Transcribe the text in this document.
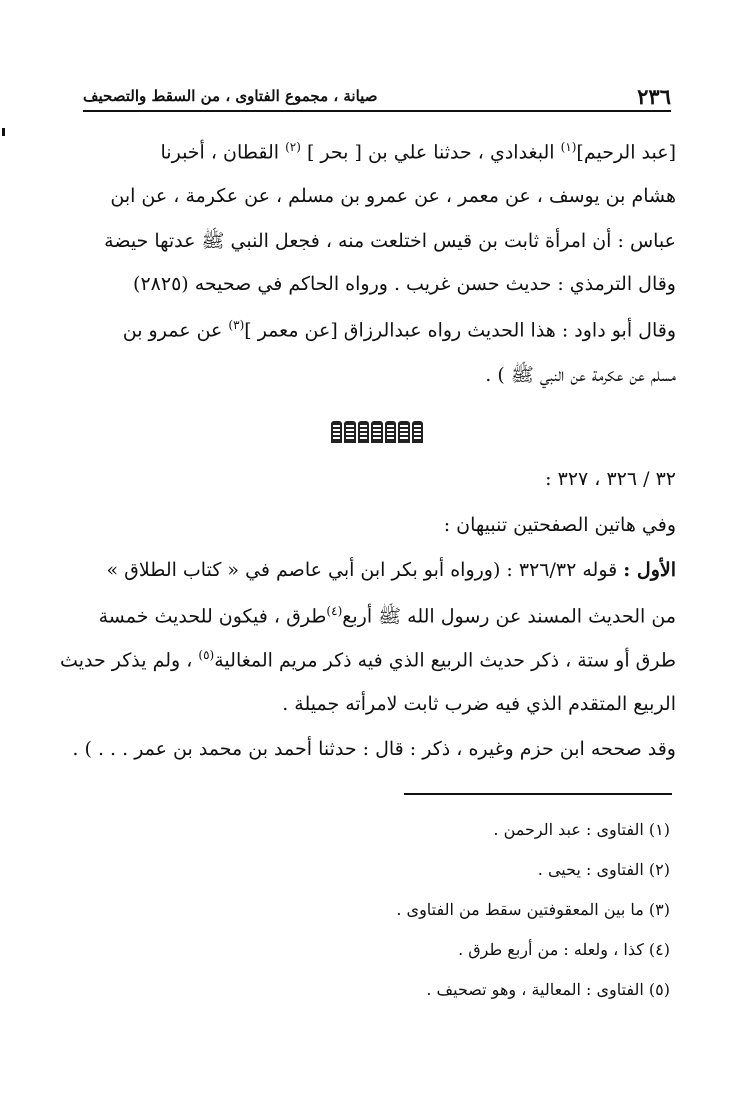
٢٣٦
صيانة ، مجموع الفتاوى ، من السقط والتصحيف
[عبد الرحيم]$^{(١)}$ البغدادي ، حدثنا علي بن [ بحر ] $^{(٢)}$ القطان ، أخبرنا
هشام بن يوسف ، عن معمر ، عن عمرو بن مسلم ، عن عكرمة ، عن ابن
عباس : أن امرأة ثابت بن قيس اختلعت منه ، فجعل النبي ﷺ عدتها حيضة
وقال الترمذي : حديث حسن غريب . ورواه الحاكم في صحيحه (٢٨٢٥)
وقال أبو داود : هذا الحديث رواه عبدالرزاق [عن معمر ]$^{(٣)}$ عن عمرو بن
مسلم عن عكرمة عن النبي ﷺ ) .
٣٢ / ٣٢٦ ، ٣٢٧ :
وفي هاتين الصفحتين تنبيهان :
الأول : قوله ٣٢٦/٣٢ : (ورواه أبو بكر ابن أبي عاصم في « كتاب الطلاق »
من الحديث المسند عن رسول الله ﷺ أربع$^{(٤)}$طرق ، فيكون للحديث خمسة
طرق أو ستة ، ذكر حديث الربيع الذي فيه ذكر مريم المغالية$^{(٥)}$ ، ولم يذكر حديث
الربيع المتقدم الذي فيه ضرب ثابت لامرأته جميلة .
وقد صححه ابن حزم وغيره ، ذكر : قال : حدثنا أحمد بن محمد بن عمر . . . ) .
(١) الفتاوى : عبد الرحمن .
(٢) الفتاوى : يحيى .
(٣) ما بين المعقوفتين سقط من الفتاوى .
(٤) كذا ، ولعله : من أربع طرق .
(٥) الفتاوى : المعالية ، وهو تصحيف .
